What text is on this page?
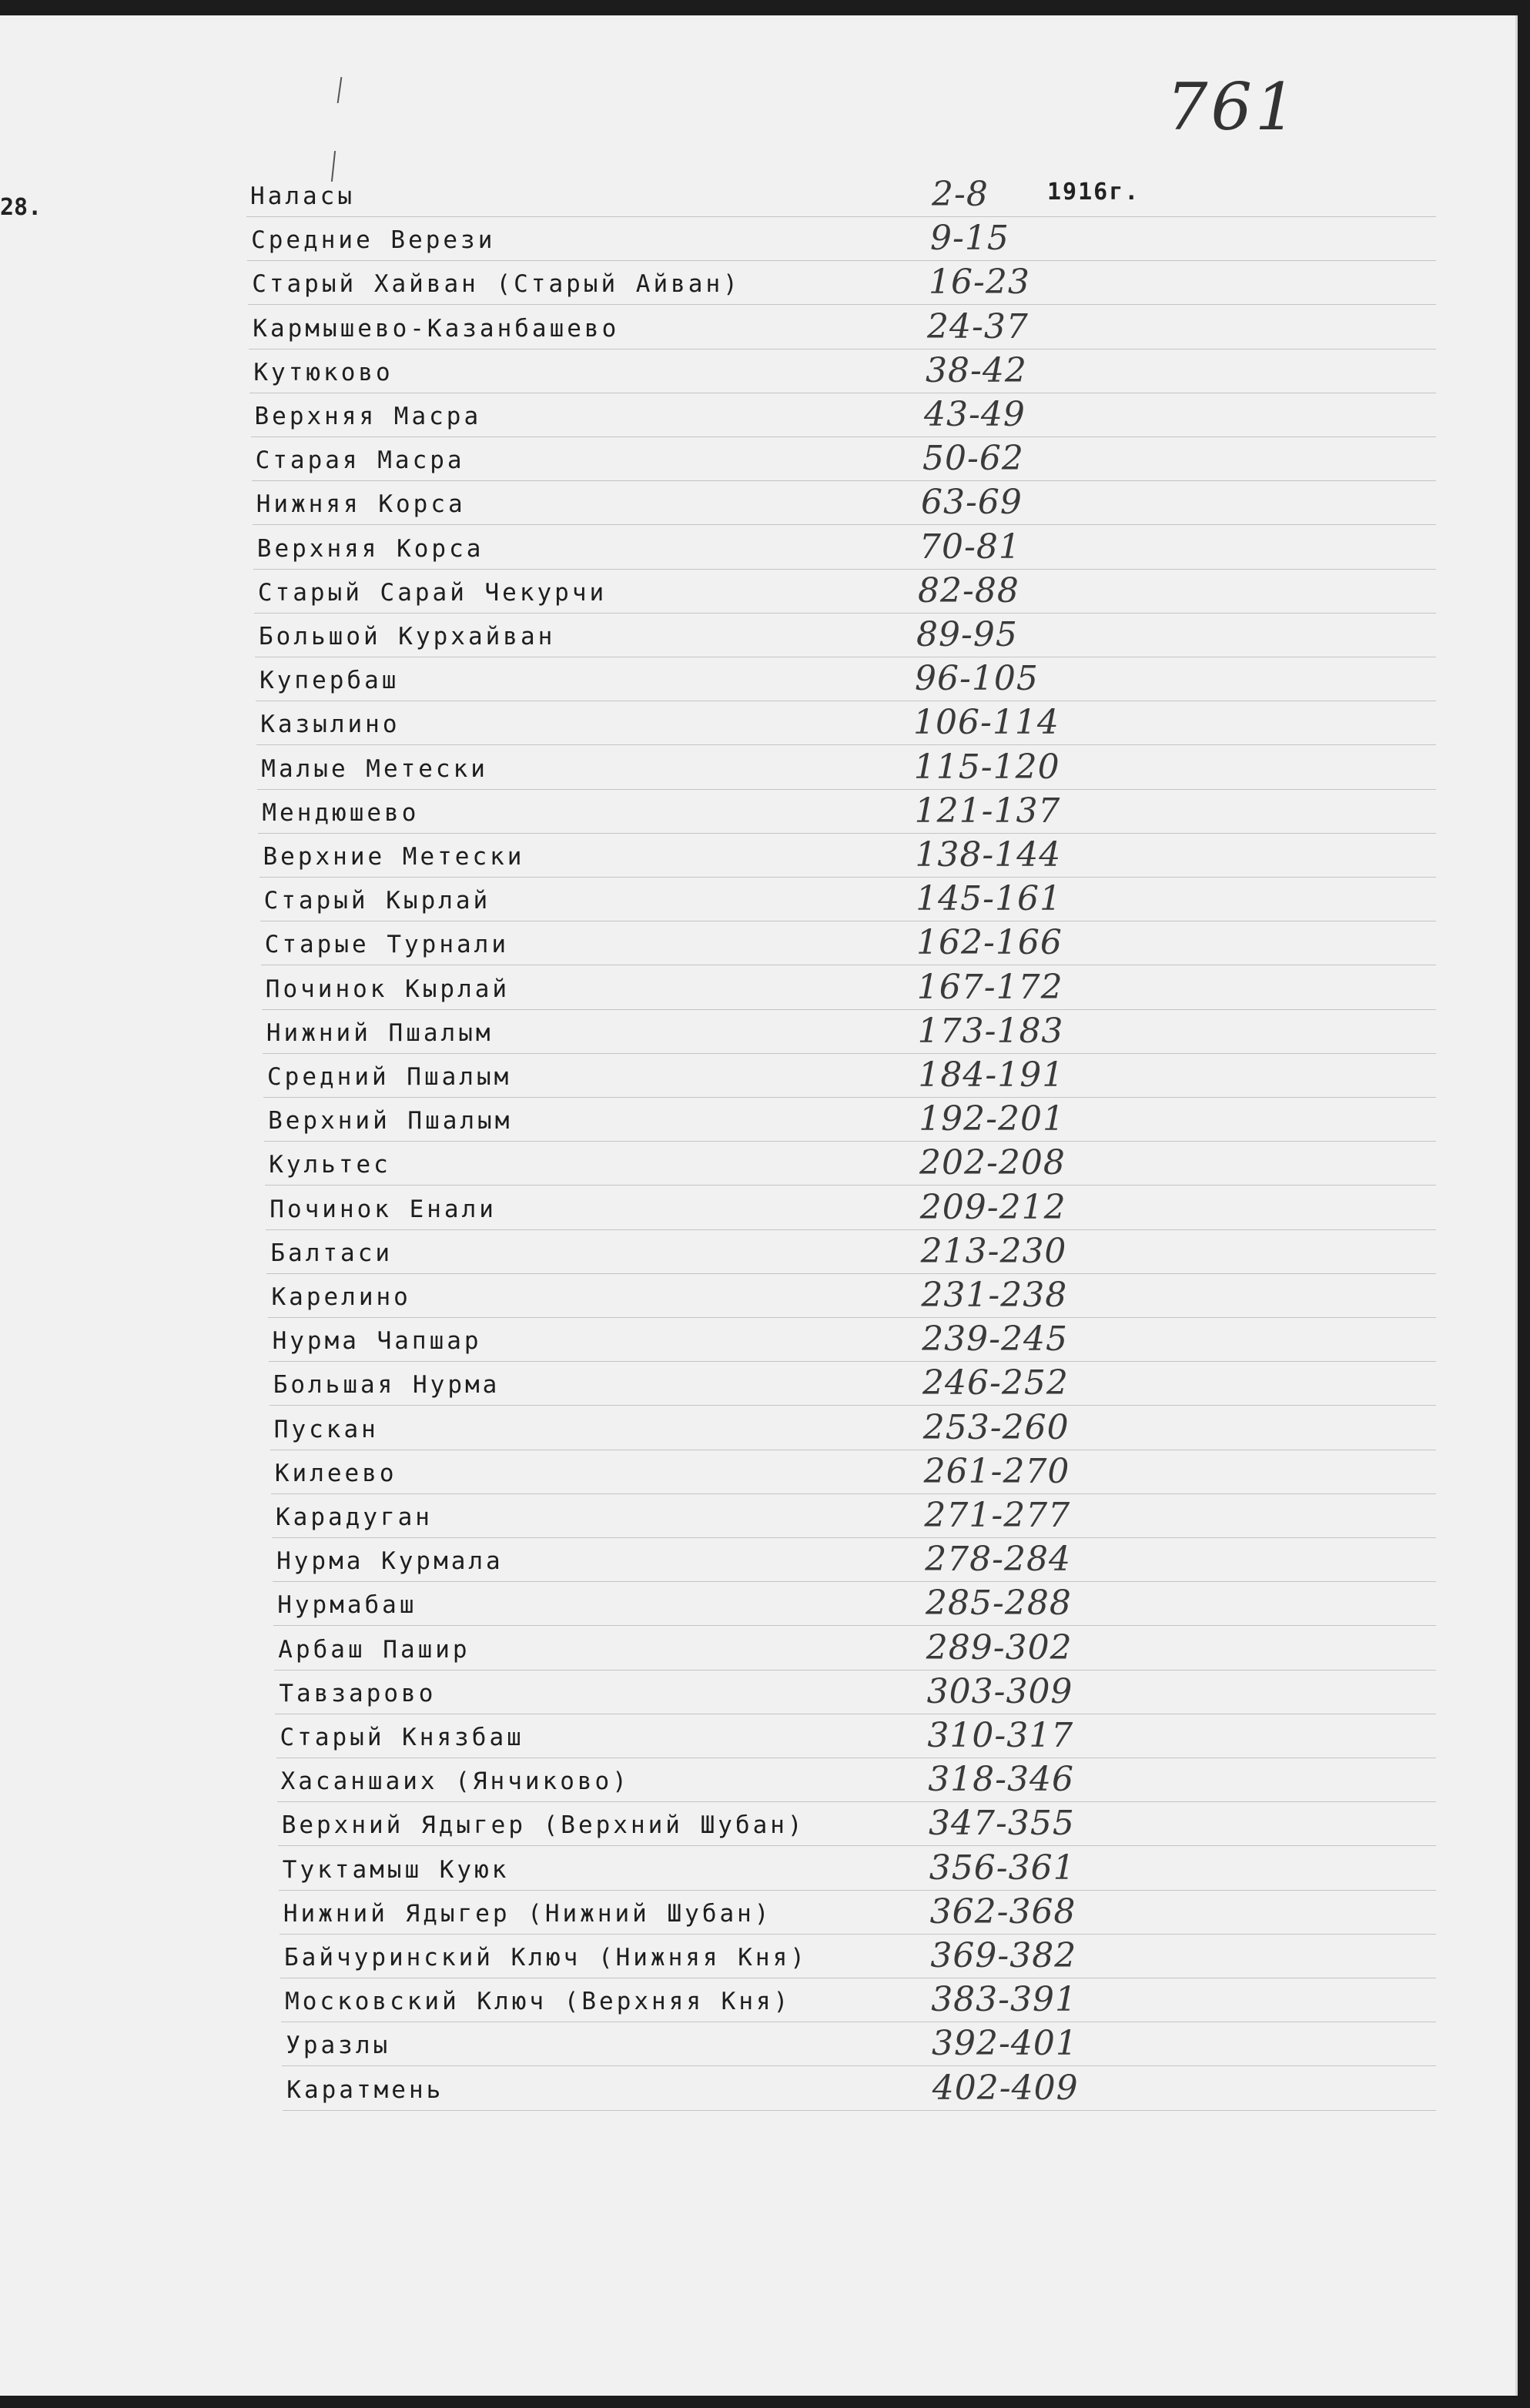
761
28.
1916г.
Наласы	2-8
Средние Верези	9-15
Старый Хайван (Старый Айван)	16-23
Кармышево-Казанбашево	24-37
Кутюково	38-42
Верхняя Масра	43-49
Старая Масра	50-62
Нижняя Корса	63-69
Верхняя Корса	70-81
Старый Сарай Чекурчи	82-88
Большой Курхайван	89-95
Купербаш	96-105
Казылино	106-114
Малые Метески	115-120
Мендюшево	121-137
Верхние Метески	138-144
Старый Кырлай	145-161
Старые Турнали	162-166
Починок Кырлай	167-172
Нижний Пшалым	173-183
Средний Пшалым	184-191
Верхний Пшалым	192-201
Культес	202-208
Починок Енали	209-212
Балтаси	213-230
Карелино	231-238
Нурма Чапшар	239-245
Большая Нурма	246-252
Пускан	253-260
Килеево	261-270
Карадуган	271-277
Нурма Курмала	278-284
Нурмабаш	285-288
Арбаш Пашир	289-302
Тавзарово	303-309
Старый Князбаш	310-317
Хасаншаих (Янчиково)	318-346
Верхний Ядыгер (Верхний Шубан)	347-355
Туктамыш Куюк	356-361
Нижний Ядыгер (Нижний Шубан)	362-368
Байчуринский Ключ (Нижняя Кня)	369-382
Московский Ключ (Верхняя Кня)	383-391
Уразлы	392-401
Каратмень	402-409
